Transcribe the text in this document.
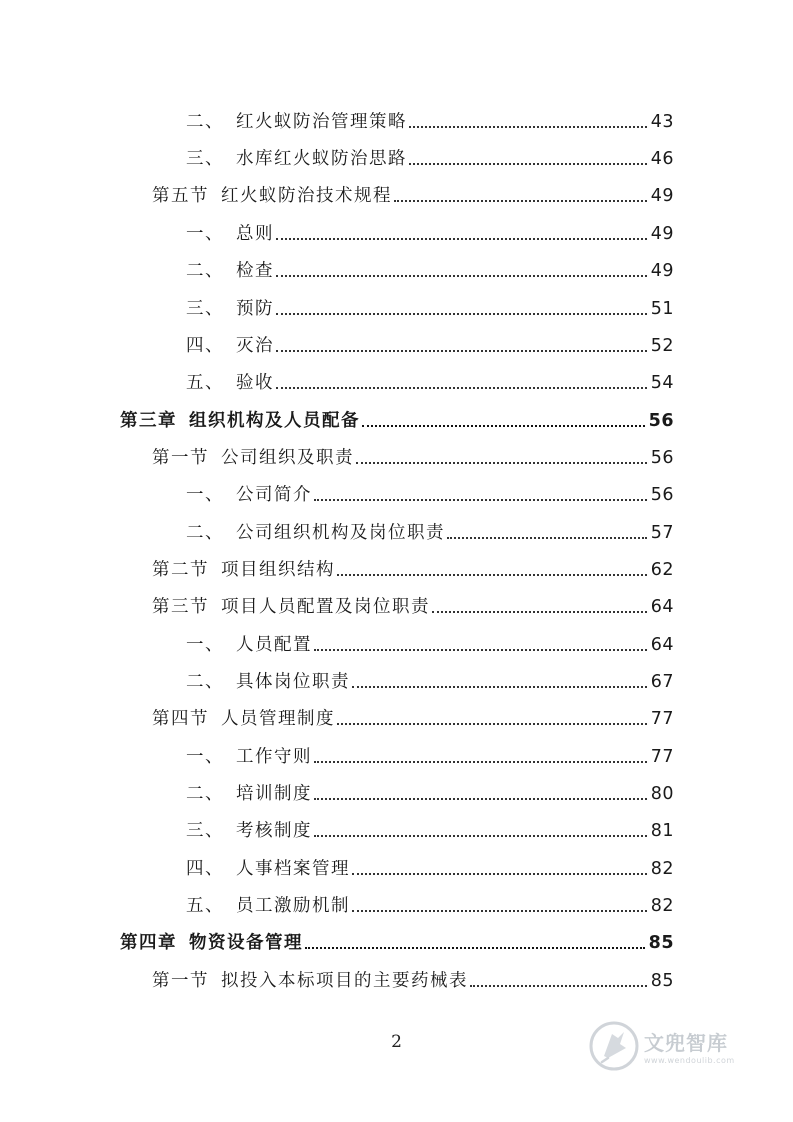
二、 红火蚁防治管理策略	43
三、 水库红火蚁防治思路	46
第五节 红火蚁防治技术规程	49
一、 总则	49
二、 检查	49
三、 预防	51
四、 灭治	52
五、 验收	54
第三章 组织机构及人员配备	56
第一节 公司组织及职责	56
一、 公司简介	56
二、 公司组织机构及岗位职责	57
第二节 项目组织结构	62
第三节 项目人员配置及岗位职责	64
一、 人员配置	64
二、 具体岗位职责	67
第四节 人员管理制度	77
一、 工作守则	77
二、 培训制度	80
三、 考核制度	81
四、 人事档案管理	82
五、 员工激励机制	82
第四章 物资设备管理	85
第一节 拟投入本标项目的主要药械表	85
2	文兜智库
www.wendoulib.com
